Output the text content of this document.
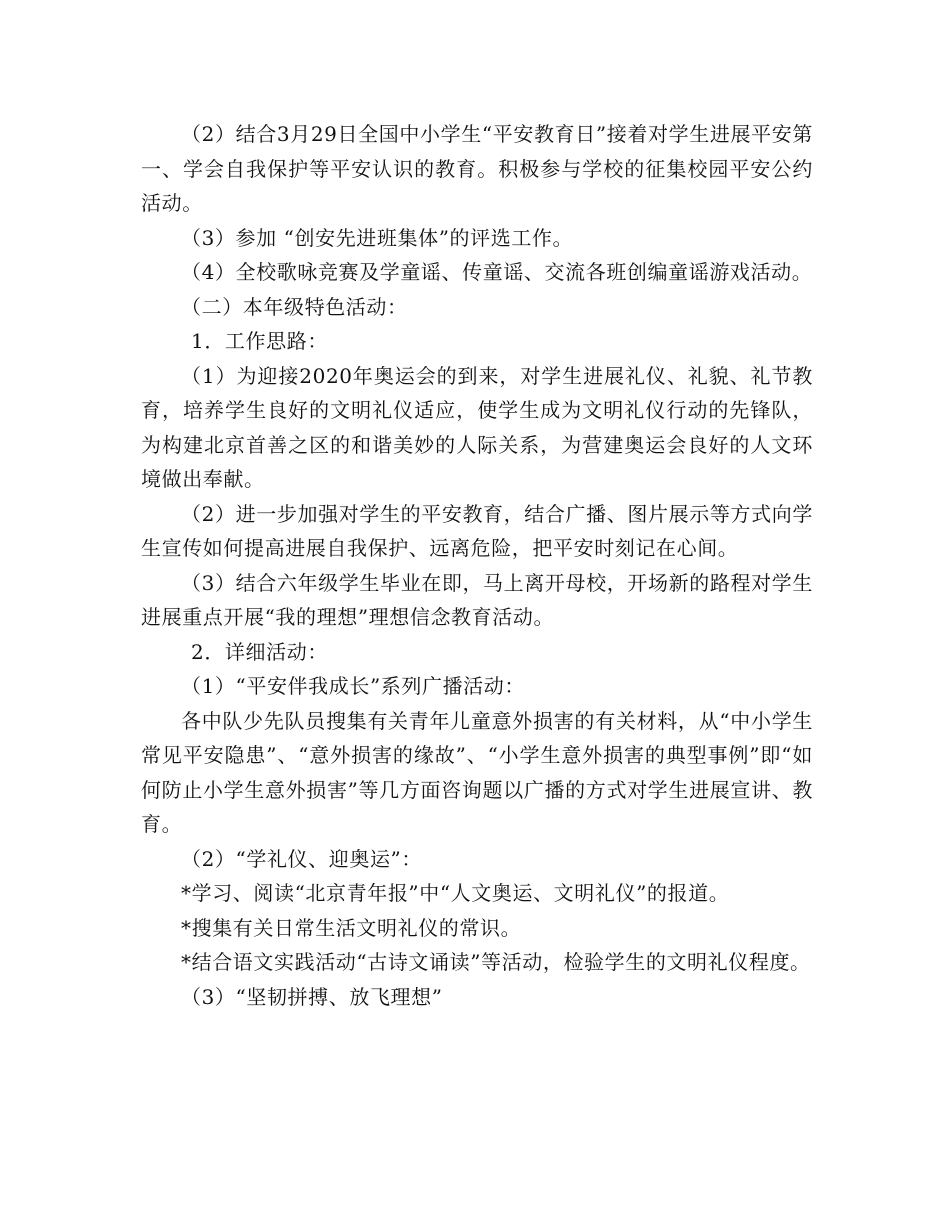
（2）结合3月29日全国中小学生“平安教育日”接着对学生进展平安第一、学会自我保护等平安认识的教育。积极参与学校的征集校园平安公约活动。

（3）参加 “创安先进班集体”的评选工作。

（4）全校歌咏竞赛及学童谣、传童谣、交流各班创编童谣游戏活动。

（二）本年级特色活动：

1．工作思路：

（1）为迎接2020年奥运会的到来，对学生进展礼仪、礼貌、礼节教育，培养学生良好的文明礼仪适应，使学生成为文明礼仪行动的先锋队，为构建北京首善之区的和谐美妙的人际关系，为营建奥运会良好的人文环境做出奉献。

（2）进一步加强对学生的平安教育，结合广播、图片展示等方式向学生宣传如何提高进展自我保护、远离危险，把平安时刻记在心间。

（3）结合六年级学生毕业在即，马上离开母校，开场新的路程对学生进展重点开展“我的理想”理想信念教育活动。

2．详细活动：

（1）“平安伴我成长”系列广播活动：

各中队少先队员搜集有关青年儿童意外损害的有关材料，从“中小学生常见平安隐患”、“意外损害的缘故”、“小学生意外损害的典型事例”即“如何防止小学生意外损害”等几方面咨询题以广播的方式对学生进展宣讲、教育。

（2）“学礼仪、迎奥运”：

*学习、阅读“北京青年报”中“人文奥运、文明礼仪”的报道。

*搜集有关日常生活文明礼仪的常识。

*结合语文实践活动“古诗文诵读”等活动，检验学生的文明礼仪程度。

（3）“坚韧拼搏、放飞理想”
